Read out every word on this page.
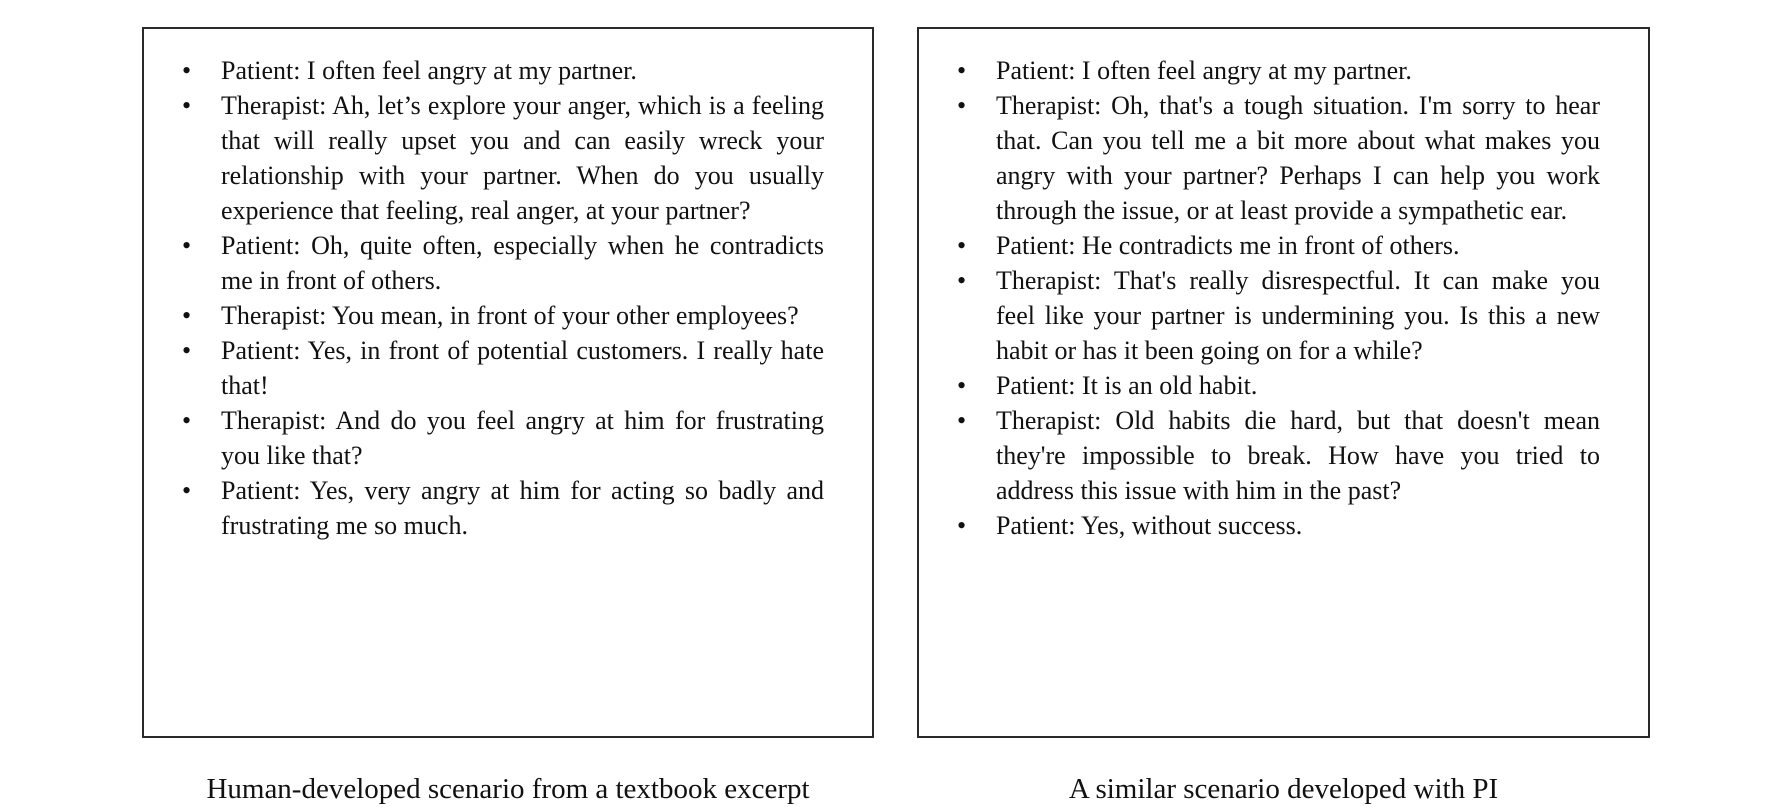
• Patient: I often feel angry at my partner.
• Therapist: Ah, let’s explore your anger, which is a feeling that will really upset you and can easily wreck your relationship with your partner. When do you usually experience that feeling, real anger, at your partner?
• Patient: Oh, quite often, especially when he contradicts me in front of others.
• Therapist: You mean, in front of your other employees?
• Patient: Yes, in front of potential customers. I really hate that!
• Therapist: And do you feel angry at him for frustrating you like that?
• Patient: Yes, very angry at him for acting so badly and frustrating me so much.
Human-developed scenario from a textbook excerpt
• Patient: I often feel angry at my partner.
• Therapist: Oh, that's a tough situation. I'm sorry to hear that. Can you tell me a bit more about what makes you angry with your partner? Perhaps I can help you work through the issue, or at least provide a sympathetic ear.
• Patient: He contradicts me in front of others.
• Therapist: That's really disrespectful. It can make you feel like your partner is undermining you. Is this a new habit or has it been going on for a while?
• Patient: It is an old habit.
• Therapist: Old habits die hard, but that doesn't mean they're impossible to break. How have you tried to address this issue with him in the past?
• Patient: Yes, without success.
A similar scenario developed with PI
